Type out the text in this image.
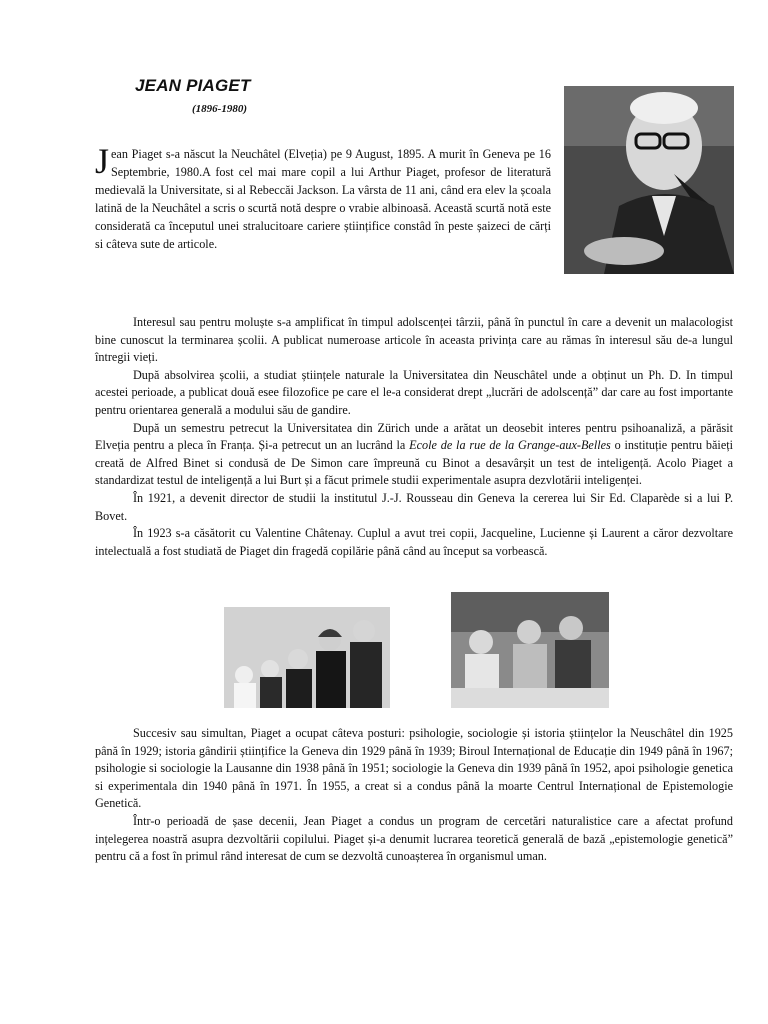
JEAN PIAGET
(1896-1980)
Jean Piaget s-a născut la Neuchâtel (Elveția) pe 9 August, 1895. A murit în Geneva pe 16 Septembrie, 1980.A fost cel mai mare copil a lui Arthur Piaget, profesor de literatură medievală la Universitate, si al Rebeccăi Jackson. La vârsta de 11 ani, când era elev la școala latină de la Neuchâtel a scris o scurtă notă despre o vrabie albinoasă. Această scurtă notă este considerată ca începutul unei stralucitoare cariere științifice constâd în peste șaizeci de cărți si câteva sute de articole.

Interesul sau pentru moluște s-a amplificat în timpul adolscenței târzii, până în punctul în care a devenit un malacologist bine cunoscut la terminarea școlii. A publicat numeroase articole în aceasta privința care au rămas în interesul său de-a lungul întregii vieți.

După absolvirea școlii, a studiat științele naturale la Universitatea din Neuschâtel unde a obținut un Ph. D. In timpul acestei perioade, a publicat două eseе filozofice pe care el le-a considerat drept „lucrări de adolscență” dar care au fost importante pentru orientarea generală a modului său de gandire.

După un semestru petrecut la Universitatea din Zürich unde a arătat un deosebit interes pentru psihoanaliză, a părăsit Elveția pentru a pleca în Franța. Și-a petrecut un an lucrând la Ecole de la rue de la Grange-aux-Belles o instituție pentru băieți creată de Alfred Binet si condusă de De Simon care împreună cu Binot a desavârșit un test de inteligență. Acolo Piaget a standardizat testul de inteligență a lui Burt și a făcut primele studii experimentale asupra dezvlotării inteligenței.

În 1921, a devenit director de studii la institutul J.-J. Rousseau din Geneva la cererea lui Sir Ed. Claparède si a lui P. Bovet.

În 1923 s-a căsătorit cu Valentine Châtenay. Cuplul a avut trei copii, Jacqueline, Lucienne și Laurent a căror dezvoltare intelectuală a fost studiată de Piaget din fragedă copilărie până când au început sa vorbească.

Succesiv sau simultan, Piaget a ocupat câteva posturi: psihologie, sociologie și istoria științelor la Neuschâtel din 1925 până în 1929; istoria gândirii științifice la Geneva din 1929 până în 1939; Biroul Internațional de Educație din 1949 până în 1967; psihologie si sociologie la Lausanne din 1938 până în 1951; sociologie la Geneva din 1939 până în 1952, apoi psihologie genetica si experimentala din 1940 până în 1971. În 1955, a creat si a condus până la moarte Centrul Internațional de Epistemologie Genetică.

Într-o perioadă de șase decenii, Jean Piaget a condus un program de cercetări naturalistice care a afectat profund ințelegerea noastră asupra dezvoltării copilului. Piaget și-a denumit lucrarea teoretică generală de bază „epistemologie genetică” pentru că a fost în primul rând interesat de cum se dezvoltă cunoașterea în organismul uman.
